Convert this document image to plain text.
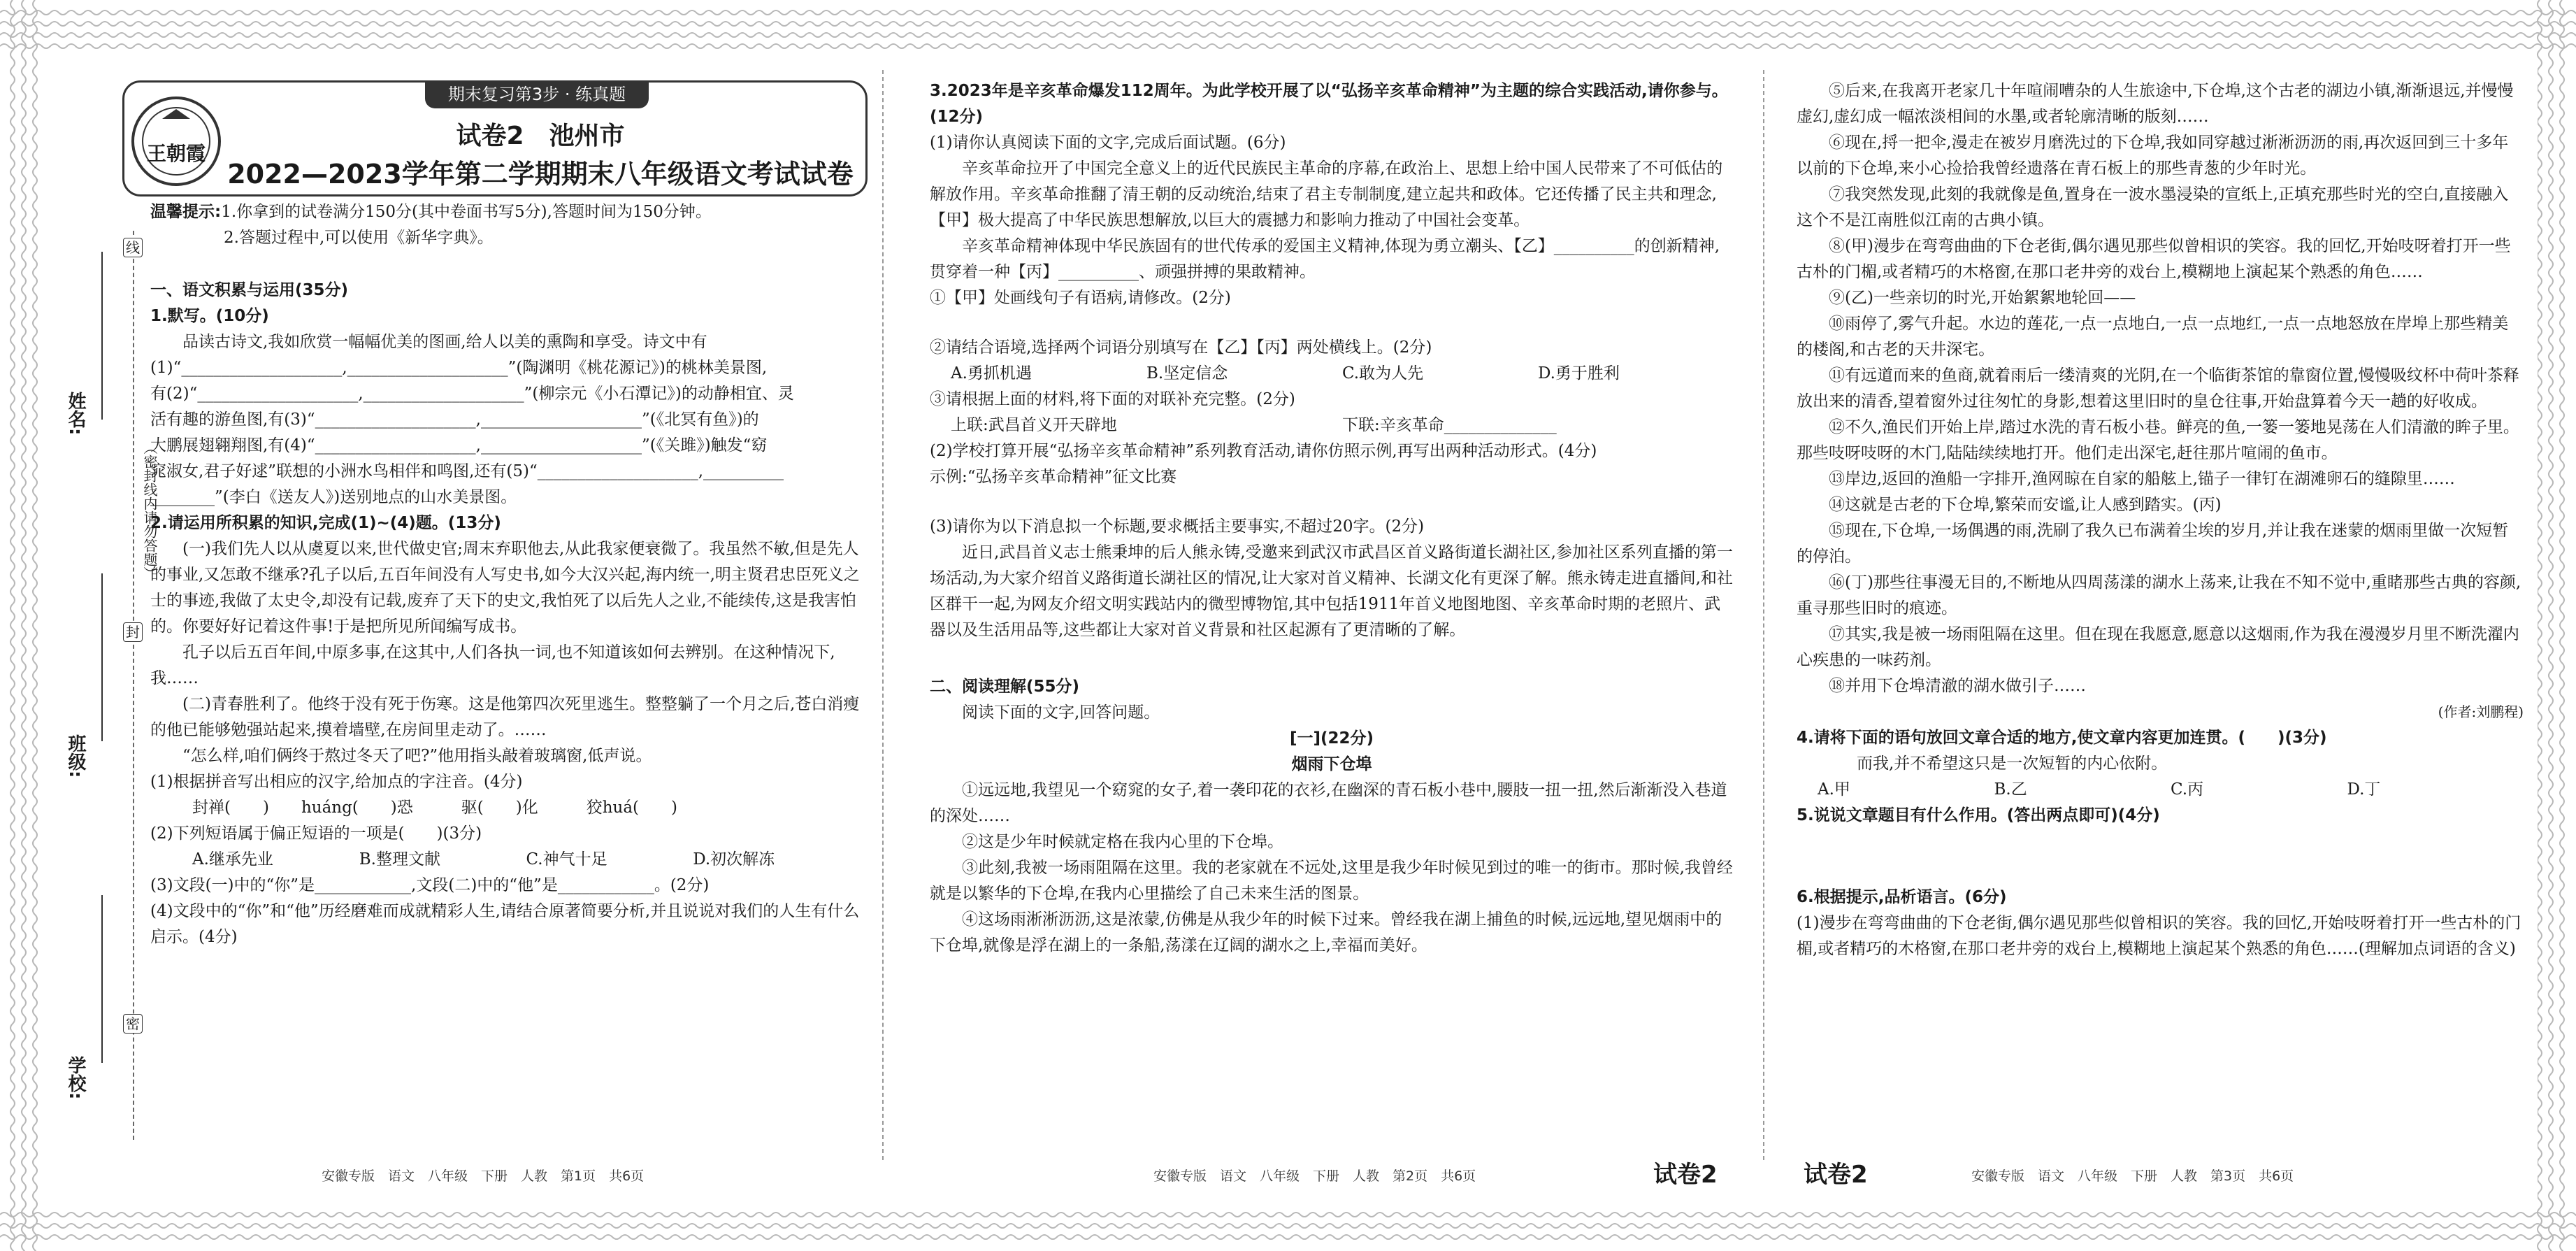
姓名:
班级:
学校:
线
封
密
（密封线内请勿答题）
期末复习第3步 · 练真题
王朝霞
试卷2　池州市
2022—2023学年第二学期期末八年级语文考试试卷

温馨提示:1.你拿到的试卷满分150分(其中卷面书写5分),答题时间为150分钟。

2.答题过程中,可以使用《新华字典》。

一、语文积累与运用(35分)

1.默写。(10分)

品读古诗文,我如欣赏一幅幅优美的图画,给人以美的熏陶和享受。诗文中有

(1)“____________________,____________________”(陶渊明《桃花源记》)的桃林美景图,

有(2)“____________________,____________________”(柳宗元《小石潭记》)的动静相宜、灵

活有趣的游鱼图,有(3)“____________________,____________________”(《北冥有鱼》)的

大鹏展翅翱翔图,有(4)“____________________,____________________”(《关雎》)触发“窈

窕淑女,君子好逑”联想的小洲水鸟相伴和鸣图,还有(5)“____________________,__________

________”(李白《送友人》)送别地点的山水美景图。

2.请运用所积累的知识,完成(1)~(4)题。(13分)

(一)我们先人以从虞夏以来,世代做史官;周末弃职他去,从此我家便衰微了。我虽然不敏,但是先人的事业,又怎敢不继承?孔子以后,五百年间没有人写史书,如今大汉兴起,海内统一,明主贤君忠臣死义之士的事迹,我做了太史令,却没有记载,废弃了天下的史文,我怕死了以后先人之业,不能续传,这是我害怕的。你要好好记着这件事!于是把所见所闻编写成书。

孔子以后五百年间,中原多事,在这其中,人们各执一词,也不知道该如何去辨别。在这种情况下,我……

(二)青春胜利了。他终于没有死于伤寒。这是他第四次死里逃生。整整躺了一个月之后,苍白消瘦的他已能够勉强站起来,摸着墙壁,在房间里走动了。……

“怎么样,咱们俩终于熬过冬天了吧?”他用指头敲着玻璃窗,低声说。

(1)根据拼音写出相应的汉字,给加点的字注音。(4分)

封禅(　　)　　huáng(　　)恐　　　驱(　　)化　　　狡huá(　　)

(2)下列短语属于偏正短语的一项是(　　)(3分)

A.继承先业	B.整理文献	C.神气十足	D.初次解冻

(3)文段(一)中的“你”是____________,文段(二)中的“他”是____________。(2分)

(4)文段中的“你”和“他”历经磨难而成就精彩人生,请结合原著简要分析,并且说说对我们的人生有什么启示。(4分)

3.2023年是辛亥革命爆发112周年。为此学校开展了以“弘扬辛亥革命精神”为主题的综合实践活动,请你参与。(12分)

(1)请你认真阅读下面的文字,完成后面试题。(6分)

辛亥革命拉开了中国完全意义上的近代民族民主革命的序幕,在政治上、思想上给中国人民带来了不可低估的解放作用。辛亥革命推翻了清王朝的反动统治,结束了君主专制制度,建立起共和政体。它还传播了民主共和理念,【甲】极大提高了中华民族思想解放,以巨大的震撼力和影响力推动了中国社会变革。

辛亥革命精神体现中华民族固有的世代传承的爱国主义精神,体现为勇立潮头、【乙】__________的创新精神,贯穿着一种【丙】__________、顽强拼搏的果敢精神。

①【甲】处画线句子有语病,请修改。(2分)

②请结合语境,选择两个词语分别填写在【乙】【丙】两处横线上。(2分)

A.勇抓机遇	B.坚定信念	C.敢为人先	D.勇于胜利

③请根据上面的材料,将下面的对联补充完整。(2分)

上联:武昌首义开天辟地	下联:辛亥革命______________

(2)学校打算开展“弘扬辛亥革命精神”系列教育活动,请你仿照示例,再写出两种活动形式。(4分)

示例:“弘扬辛亥革命精神”征文比赛

(3)请你为以下消息拟一个标题,要求概括主要事实,不超过20字。(2分)

近日,武昌首义志士熊秉坤的后人熊永铸,受邀来到武汉市武昌区首义路街道长湖社区,参加社区系列直播的第一场活动,为大家介绍首义路街道长湖社区的情况,让大家对首义精神、长湖文化有更深了解。熊永铸走进直播间,和社区群干一起,为网友介绍文明实践站内的微型博物馆,其中包括1911年首义地图地图、辛亥革命时期的老照片、武器以及生活用品等,这些都让大家对首义背景和社区起源有了更清晰的了解。

二、阅读理解(55分)

阅读下面的文字,回答问题。

[一](22分)

烟雨下仓埠

①远远地,我望见一个窈窕的女子,着一袭印花的衣衫,在幽深的青石板小巷中,腰肢一扭一扭,然后渐渐没入巷道的深处……

②这是少年时候就定格在我内心里的下仓埠。

③此刻,我被一场雨阻隔在这里。我的老家就在不远处,这里是我少年时候见到过的唯一的街市。那时候,我曾经就是以繁华的下仓埠,在我内心里描绘了自己未来生活的图景。

④这场雨淅淅沥沥,这是浓蒙,仿佛是从我少年的时候下过来。曾经我在湖上捕鱼的时候,远远地,望见烟雨中的下仓埠,就像是浮在湖上的一条船,荡漾在辽阔的湖水之上,幸福而美好。

⑤后来,在我离开老家几十年喧闹嘈杂的人生旅途中,下仓埠,这个古老的湖边小镇,渐渐退远,并慢慢虚幻,虚幻成一幅浓淡相间的水墨,或者轮廓清晰的版刻……

⑥现在,捋一把伞,漫走在被岁月磨洗过的下仓埠,我如同穿越过淅淅沥沥的雨,再次返回到三十多年以前的下仓埠,来小心捡拾我曾经遗落在青石板上的那些青葱的少年时光。

⑦我突然发现,此刻的我就像是鱼,置身在一波水墨浸染的宣纸上,正填充那些时光的空白,直接融入这个不是江南胜似江南的古典小镇。

⑧(甲)漫步在弯弯曲曲的下仓老街,偶尔遇见那些似曾相识的笑容。我的回忆,开始吱呀着打开一些古朴的门楣,或者精巧的木格窗,在那口老井旁的戏台上,模糊地上演起某个熟悉的角色……

⑨(乙)一些亲切的时光,开始絮絮地轮回——

⑩雨停了,雾气升起。水边的莲花,一点一点地白,一点一点地红,一点一点地怒放在岸埠上那些精美的楼阁,和古老的天井深宅。

⑪有远道而来的鱼商,就着雨后一缕清爽的光阴,在一个临街茶馆的靠窗位置,慢慢吸纹杯中荷叶茶释放出来的清香,望着窗外过往匆忙的身影,想着这里旧时的皇仓往事,开始盘算着今天一趟的好收成。

⑫不久,渔民们开始上岸,踏过水洗的青石板小巷。鲜亮的鱼,一篓一篓地晃荡在人们清澈的眸子里。那些吱呀吱呀的木门,陆陆续续地打开。他们走出深宅,赶往那片喧闹的鱼市。

⑬岸边,返回的渔船一字排开,渔网晾在自家的船舷上,锚子一律钉在湖滩卵石的缝隙里……

⑭这就是古老的下仓埠,繁荣而安谧,让人感到踏实。(丙)

⑮现在,下仓埠,一场偶遇的雨,洗刷了我久已布满着尘埃的岁月,并让我在迷蒙的烟雨里做一次短暂的停泊。

⑯(丁)那些往事漫无目的,不断地从四周荡漾的湖水上荡来,让我在不知不觉中,重睹那些古典的容颜,重寻那些旧时的痕迹。

⑰其实,我是被一场雨阻隔在这里。但在现在我愿意,愿意以这烟雨,作为我在漫漫岁月里不断洗濯内心疾患的一味药剂。

⑱并用下仓埠清澈的湖水做引子……

(作者:刘鹏程)

4.请将下面的语句放回文章合适的地方,使文章内容更加连贯。(　　)(3分)

而我,并不希望这只是一次短暂的内心依附。

A.甲	B.乙	C.丙	D.丁

5.说说文章题目有什么作用。(答出两点即可)(4分)

6.根据提示,品析语言。(6分)

(1)漫步在弯弯曲曲的下仓老街,偶尔遇见那些似曾相识的笑容。我的回忆,开始吱呀着打开一些古朴的门楣,或者精巧的木格窗,在那口老井旁的戏台上,模糊地上演起某个熟悉的角色……(理解加点词语的含义)

安徽专版　语文　八年级　下册　人教　第1页　共6页	安徽专版　语文　八年级　下册　人教　第2页　共6页	试卷2	试卷2	安徽专版　语文　八年级　下册　人教　第3页　共6页
